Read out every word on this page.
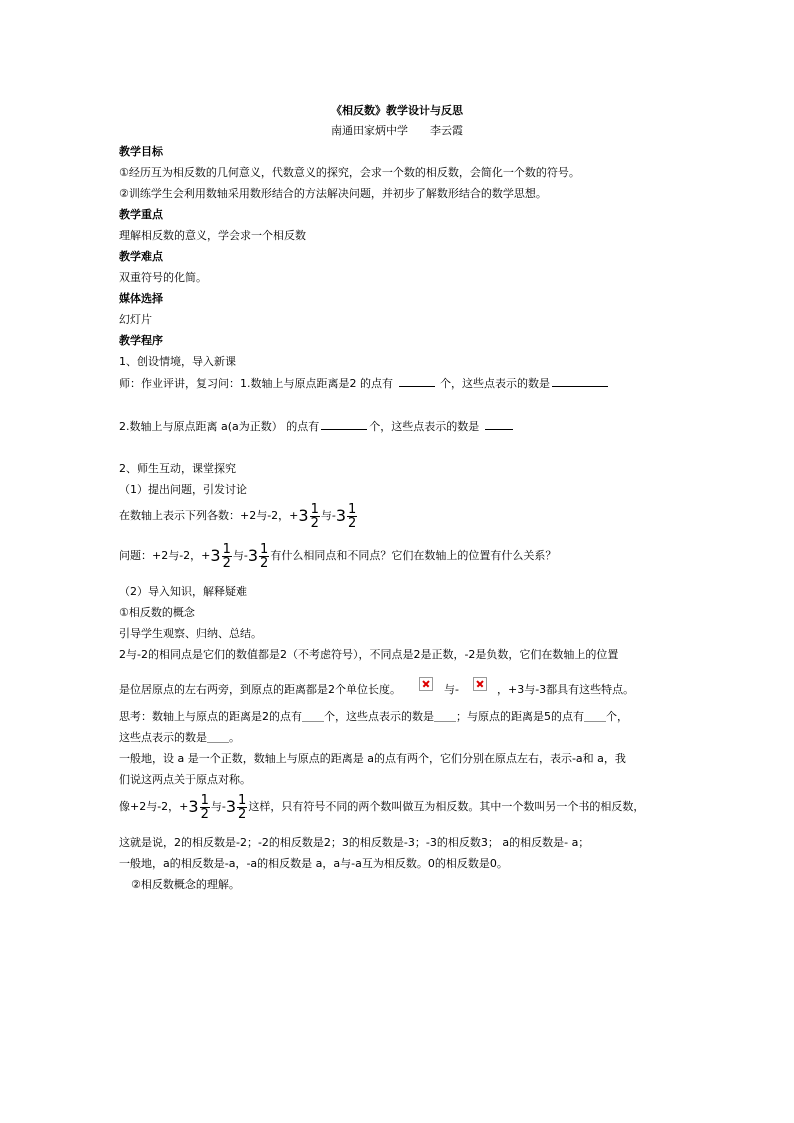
《相反数》教学设计与反思
南通田家炳中学　　李云霞
教学目标
①经历互为相反数的几何意义，代数意义的探究，会求一个数的相反数，会简化一个数的符号。
②训练学生会利用数轴采用数形结合的方法解决问题，并初步了解数形结合的数学思想。
教学重点
理解相反数的意义，学会求一个相反数
教学难点
双重符号的化简。
媒体选择
幻灯片
教学程序
1、创设情境，导入新课
师：作业评讲，复习问：1.数轴上与原点距离是2 的点有	个，这些点表示的数是
2.数轴上与原点距离 a(a为正数） 的点有	个，这些点表示的数是
2、师生互动，课堂探究
（1）提出问题，引发讨论
在数轴上表示下列各数：+2与-2，$+3 \frac{1}{2}$ 与$-3 \frac{1}{2}$
问题：+2与-2，$+3 \frac{1}{2}$ 与$-3 \frac{1}{2}$ 有什么相同点和不同点？它们在数轴上的位置有什么关系？
（2）导入知识，解释疑难
①相反数的概念
引导学生观察、归纳、总结。
2与-2的相同点是它们的数值都是2（不考虑符号），不同点是2是正数，-2是负数，它们在数轴上的位置
是位居原点的左右两旁，到原点的距离都是2个单位长度。	与-	，+3与-3都具有这些特点。
思考：数轴上与原点的距离是2的点有＿＿个，这些点表示的数是＿＿；与原点的距离是5的点有＿＿个，
这些点表示的数是＿＿。
一般地，设 a 是一个正数，数轴上与原点的距离是 a的点有两个，它们分别在原点左右，表示-a和 a，我
们说这两点关于原点对称。
像+2与-2，$+3 \frac{1}{2}$ 与$-3 \frac{1}{2}$ 这样，只有符号不同的两个数叫做互为相反数。其中一个数叫另一个书的相反数，
这就是说，2的相反数是-2；-2的相反数是2；3的相反数是-3；-3的相反数3； a的相反数是- a；
一般地，a的相反数是-a，-a的相反数是 a，a与-a互为相反数。0的相反数是0。
②相反数概念的理解。
